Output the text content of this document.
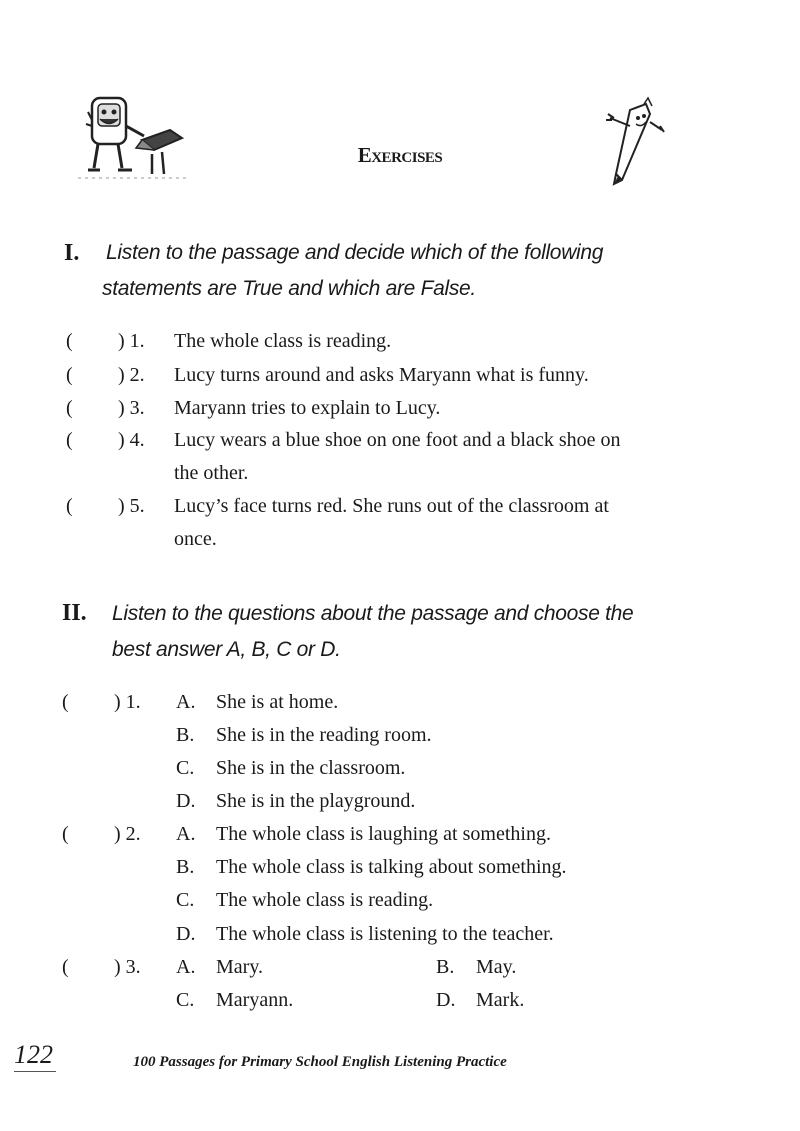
Exercises
I. Listen to the passage and decide which of the following
statements are True and which are False.
( ) 1. The whole class is reading.
( ) 2. Lucy turns around and asks Maryann what is funny.
( ) 3. Maryann tries to explain to Lucy.
( ) 4. Lucy wears a blue shoe on one foot and a black shoe on
the other.
( ) 5. Lucy’s face turns red. She runs out of the classroom at
once.
II. Listen to the questions about the passage and choose the
best answer A, B, C or D.
( ) 1. A. She is at home.
B. She is in the reading room.
C. She is in the classroom.
D. She is in the playground.
( ) 2. A. The whole class is laughing at something.
B. The whole class is talking about something.
C. The whole class is reading.
D. The whole class is listening to the teacher.
( ) 3. A. Mary.	B. May.
C. Maryann.	D. Mark.
122	100 Passages for Primary School English Listening Practice
